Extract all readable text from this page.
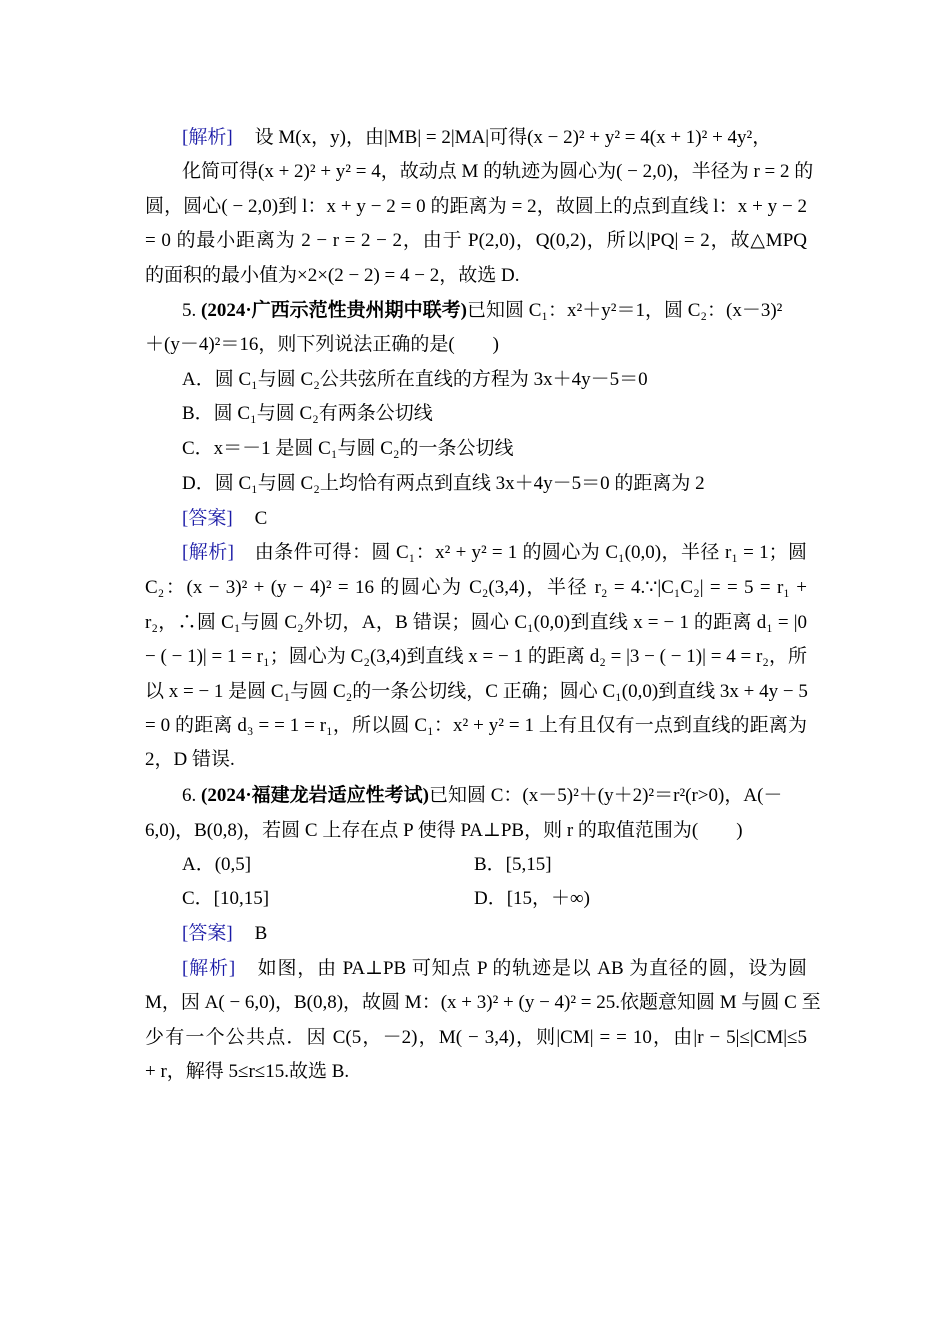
[解析] 设 M(x，y)，由|MB| = 2|MA|可得(x − 2)² + y² = 4(x + 1)² + 4y²，
化简可得(x + 2)² + y² = 4，故动点 M 的轨迹为圆心为( − 2,0)，半径为 r = 2 的
圆，圆心( − 2,0)到 l：x + y − 2 = 0 的距离为 = 2，故圆上的点到直线 l：x + y − 2
= 0 的最小距离为 2 − r = 2 − 2，由于 P(2,0)，Q(0,2)，所以|PQ| = 2，故△MPQ
的面积的最小值为×2×(2 − 2) = 4 − 2，故选 D.
5. (2024·广西示范性贵州期中联考)已知圆 C₁：x²＋y²＝1，圆 C₂：(x－3)²
＋(y－4)²＝16，则下列说法正确的是(　　)
A．圆 C₁与圆 C₂公共弦所在直线的方程为 3x＋4y－5＝0
B．圆 C₁与圆 C₂有两条公切线
C．x＝－1 是圆 C₁与圆 C₂的一条公切线
D．圆 C₁与圆 C₂上均恰有两点到直线 3x＋4y－5＝0 的距离为 2
[答案] C
[解析] 由条件可得：圆 C₁：x² + y² = 1 的圆心为 C₁(0,0)，半径 r₁ = 1；圆
C₂：(x − 3)² + (y − 4)² = 16 的圆心为 C₂(3,4)，半径 r₂ = 4.∵|C₁C₂| = = 5 = r₁ +
r₂，∴圆 C₁与圆 C₂外切，A，B 错误；圆心 C₁(0,0)到直线 x = − 1 的距离 d₁ = |0
− ( − 1)| = 1 = r₁；圆心为 C₂(3,4)到直线 x = − 1 的距离 d₂ = |3 − ( − 1)| = 4 = r₂，所
以 x = − 1 是圆 C₁与圆 C₂的一条公切线，C 正确；圆心 C₁(0,0)到直线 3x + 4y − 5
= 0 的距离 d₃ = = 1 = r₁，所以圆 C₁：x² + y² = 1 上有且仅有一点到直线的距离为
2，D 错误.
6. (2024·福建龙岩适应性考试)已知圆 C：(x－5)²＋(y＋2)²＝r²(r>0)，A(－
6,0)，B(0,8)，若圆 C 上存在点 P 使得 PA⊥PB，则 r 的取值范围为(　　)
A．(0,5]	B．[5,15]
C．[10,15]	D．[15，＋∞)
[答案] B
[解析] 如图，由 PA⊥PB 可知点 P 的轨迹是以 AB 为直径的圆，设为圆
M，因 A( − 6,0)，B(0,8)，故圆 M：(x + 3)² + (y − 4)² = 25.依题意知圆 M 与圆 C 至
少有一个公共点．因 C(5，－2)，M( − 3,4)，则|CM| = = 10，由|r − 5|≤|CM|≤5
+ r，解得 5≤r≤15.故选 B.
